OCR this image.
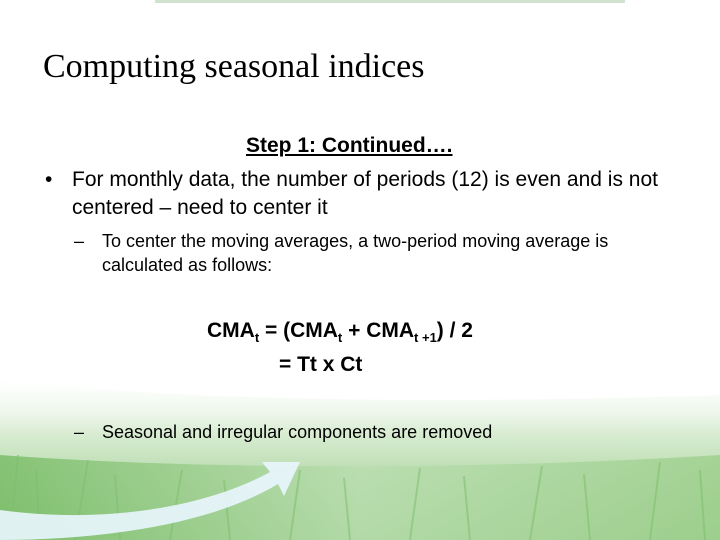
Computing seasonal indices
Step 1: Continued….
• For monthly data, the number of periods (12) is even and is not centered – need to center it
– To center the moving averages, a two-period moving average is calculated as follows:
$CMA_t = (CMA_t + CMA_{t +1}) / 2$
= Tt x Ct
– Seasonal and irregular components are removed
